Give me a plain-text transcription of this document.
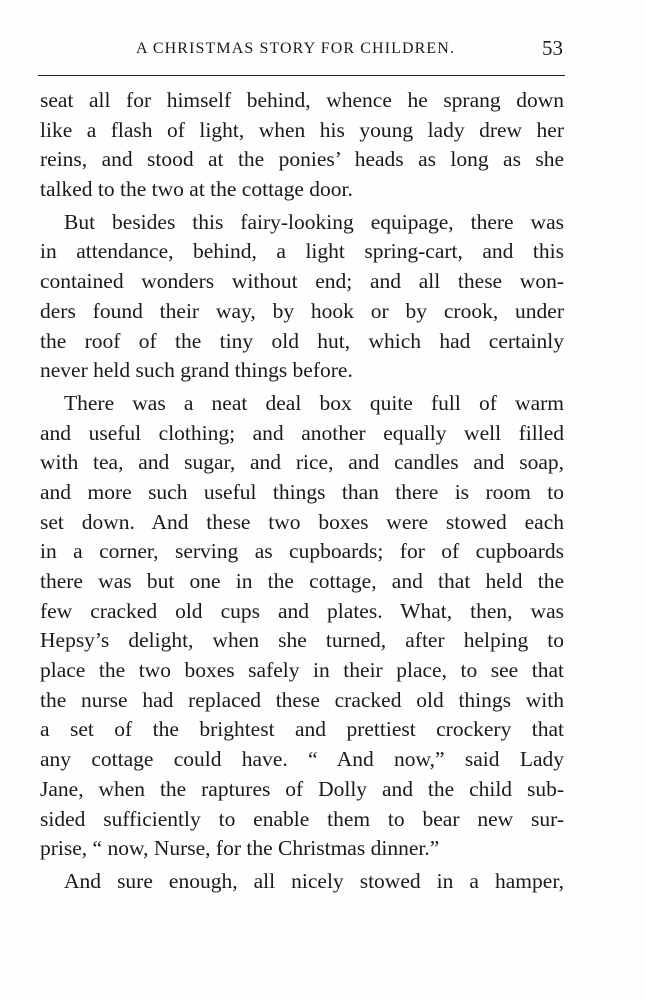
A CHRISTMAS STORY FOR CHILDREN.	53

seat all for himself behind, whence he sprang down
like a flash of light, when his young lady drew her
reins, and stood at the ponies’ heads as long as she
talked to the two at the cottage door.

But besides this fairy-looking equipage, there was
in attendance, behind, a light spring-cart, and this
contained wonders without end; and all these won-
ders found their way, by hook or by crook, under
the roof of the tiny old hut, which had certainly
never held such grand things before.

There was a neat deal box quite full of warm
and useful clothing; and another equally well filled
with tea, and sugar, and rice, and candles and soap,
and more such useful things than there is room to
set down. And these two boxes were stowed each
in a corner, serving as cupboards; for of cupboards
there was but one in the cottage, and that held the
few cracked old cups and plates. What, then, was
Hepsy’s delight, when she turned, after helping to
place the two boxes safely in their place, to see that
the nurse had replaced these cracked old things with
a set of the brightest and prettiest crockery that
any cottage could have. “ And now,” said Lady
Jane, when the raptures of Dolly and the child sub-
sided sufficiently to enable them to bear new sur-
prise, “ now, Nurse, for the Christmas dinner.”

And sure enough, all nicely stowed in a hamper,
